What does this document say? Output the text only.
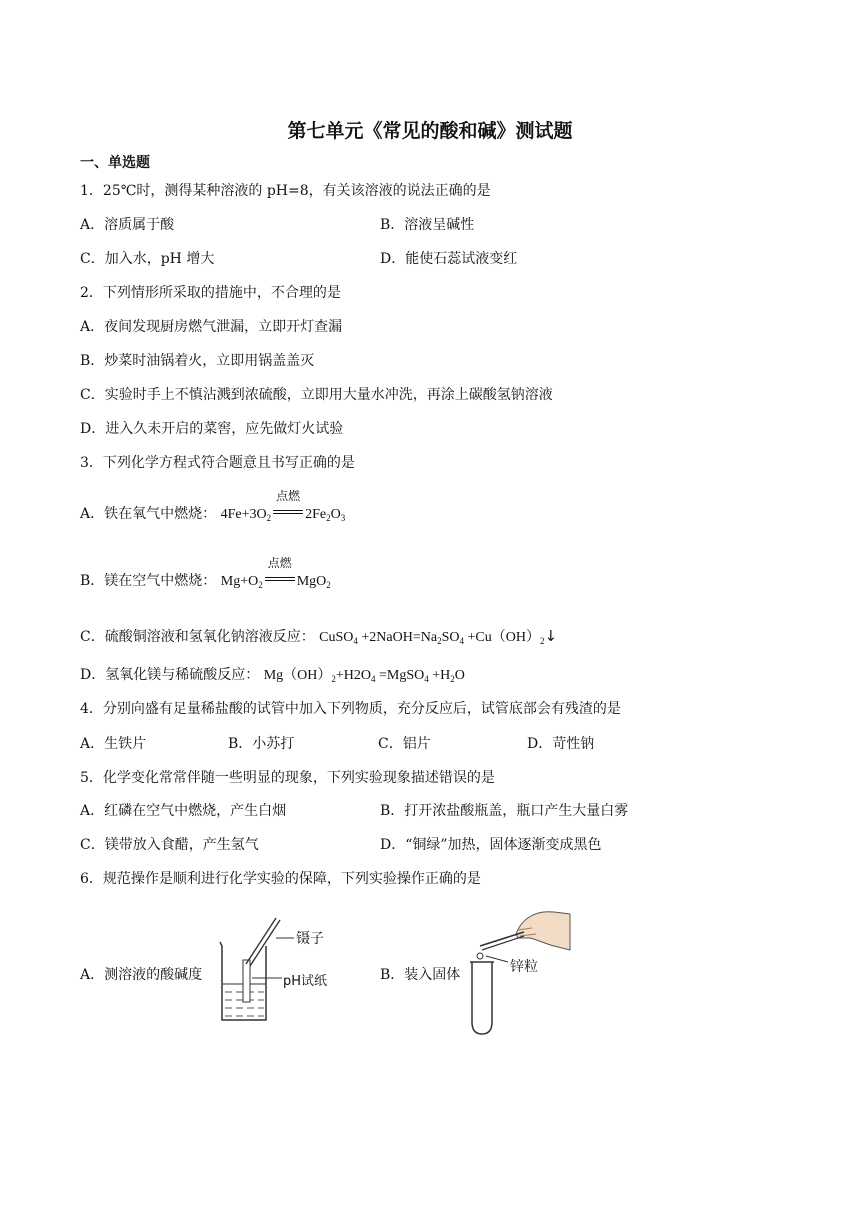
第七单元《常见的酸和碱》测试题
一、单选题
1．25℃时，测得某种溶液的 pH=8，有关该溶液的说法正确的是
A．溶质属于酸	B．溶液呈碱性
C．加入水，pH 增大	D．能使石蕊试液变红
2．下列情形所采取的措施中，不合理的是
A．夜间发现厨房燃气泄漏，立即开灯查漏
B．炒菜时油锅着火，立即用锅盖盖灭
C．实验时手上不慎沾溅到浓硫酸，立即用大量水冲洗，再涂上碳酸氢钠溶液
D．进入久未开启的菜窖，应先做灯火试验
3．下列化学方程式符合题意且书写正确的是
A．铁在氧气中燃烧： $4Fe+3O_2$
点燃
$2Fe_2O_3$
B．镁在空气中燃烧： $Mg+O_2$
点燃
MgO$_2$
C．硫酸铜溶液和氢氧化钠溶液反应： CuSO$_4$ $+2NaOH=Na_2SO_4$ $+Cu(OH)_2↓$
D．氢氧化镁与稀硫酸反应： $Mg(OH)_2+H2O_4$ =MgSO$_4$ $+H_2O$
4．分别向盛有足量稀盐酸的试管中加入下列物质，充分反应后，试管底部会有残渣的是
A．生铁片	B．小苏打	C．铝片	D．苛性钠
5．化学变化常常伴随一些明显的现象，下列实验现象描述错误的是
A．红磷在空气中燃烧，产生白烟	B．打开浓盐酸瓶盖，瓶口产生大量白雾
C．镁带放入食醋，产生氢气	D．“铜绿”加热，固体逐渐变成黑色
6．规范操作是顺利进行化学实验的保障，下列实验操作正确的是
A．测溶液的酸碱度	B．装入固体
镊子
pH试纸
锌粒
